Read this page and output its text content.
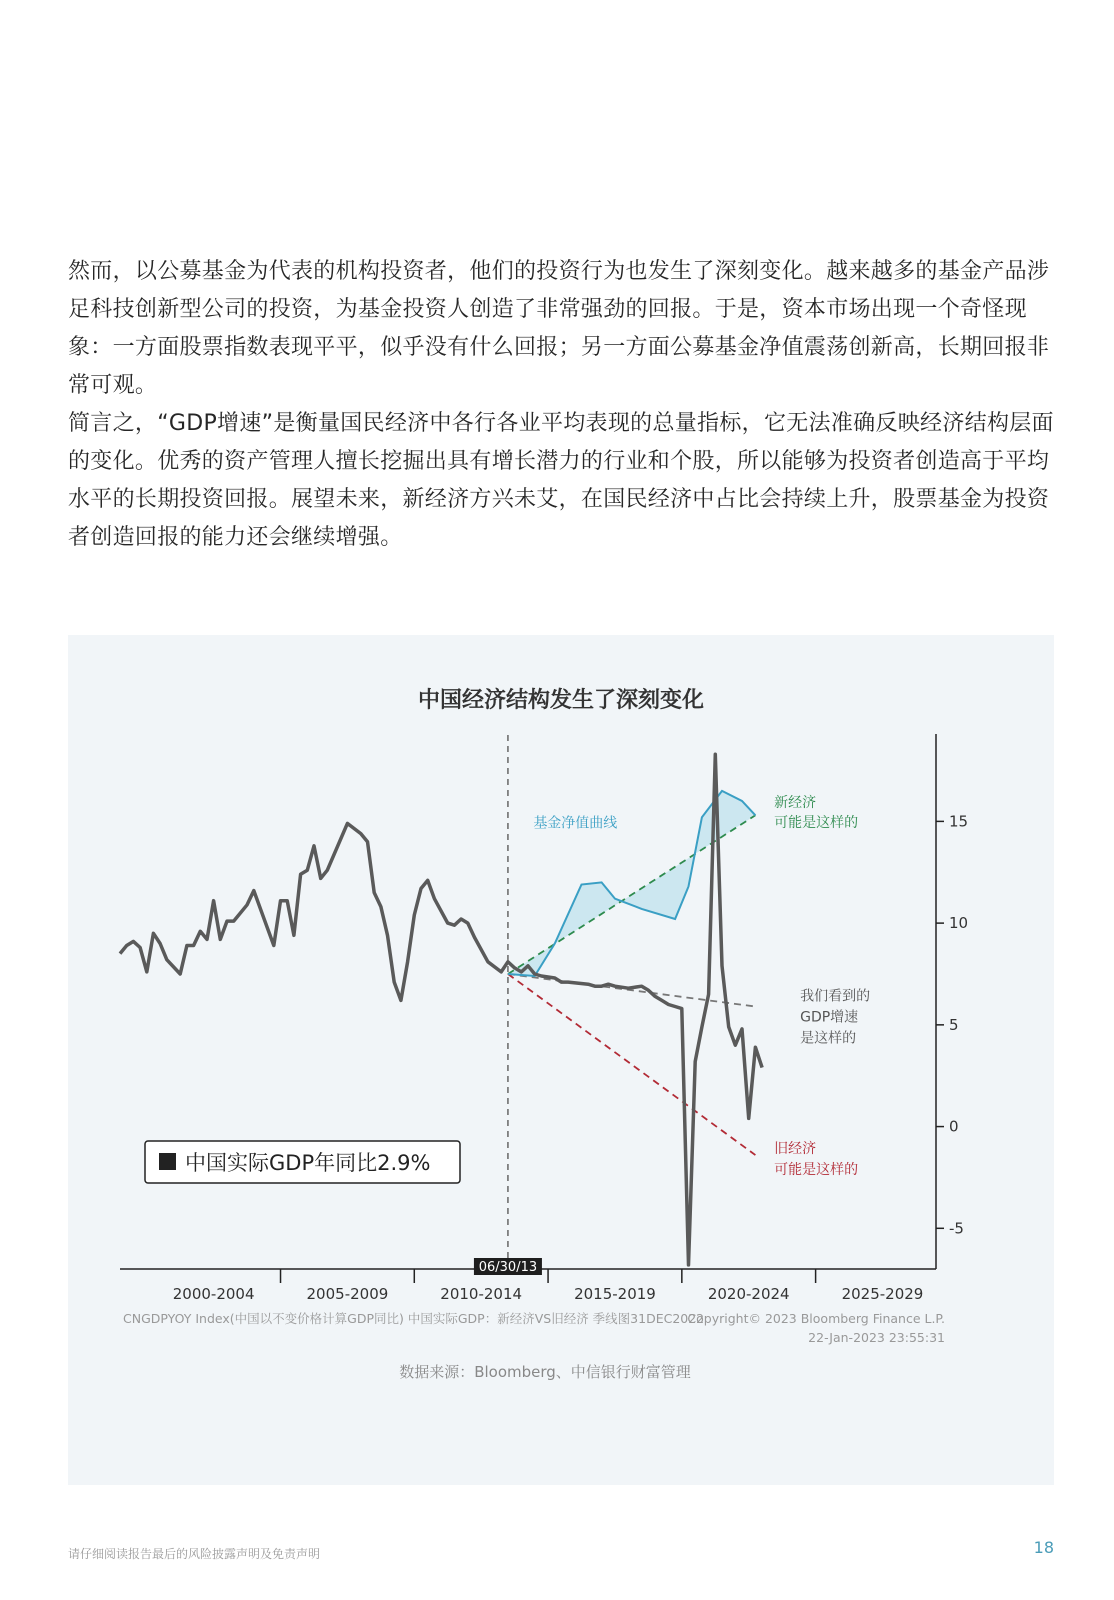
然而，以公募基金为代表的机构投资者，他们的投资行为也发生了深刻变化。越来越多的基金产品涉足科技创新型公司的投资，为基金投资人创造了非常强劲的回报。于是，资本市场出现一个奇怪现象：一方面股票指数表现平平，似乎没有什么回报；另一方面公募基金净值震荡创新高，长期回报非常可观。

简言之，“GDP增速”是衡量国民经济中各行各业平均表现的总量指标，它无法准确反映经济结构层面的变化。优秀的资产管理人擅长挖掘出具有增长潜力的行业和个股，所以能够为投资者创造高于平均水平的长期投资回报。展望未来，新经济方兴未艾，在国民经济中占比会持续上升，股票基金为投资者创造回报的能力还会继续增强。

中国经济结构发生了深刻变化
-5
0
5
10
15
2000-2004	2005-2009	2010-2014	2015-2019	2020-2024	2025-2029
06/30/13
基金净值曲线
新经济
可能是这样的
我们看到的
GDP增速
是这样的
旧经济
可能是这样的
中国实际GDP年同比2.9%
CNGDPYOY Index(中国以不变价格计算GDP同比) 中国实际GDP：新经济VS旧经济 季线图31DEC2022
Copyright© 2023 Bloomberg Finance L.P.
22-Jan-2023 23:55:31
数据来源：Bloomberg、中信银行财富管理
请仔细阅读报告最后的风险披露声明及免责声明	18
